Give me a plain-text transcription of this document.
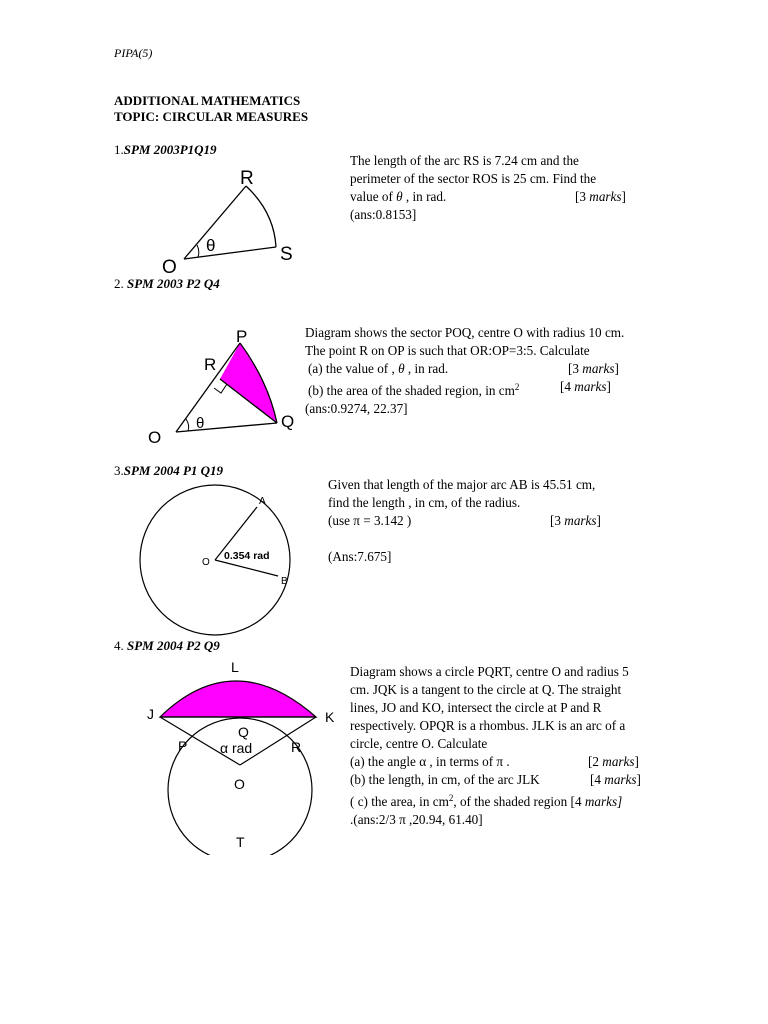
PIPA(5)
ADDITIONAL MATHEMATICS
TOPIC: CIRCULAR MEASURES
1.SPM 2003P1Q19
R
O
S
θ
The length of the arc RS is 7.24 cm and the
perimeter of the sector ROS is 25 cm. Find the
value of θ , in rad.	[3 marks]
(ans:0.8153]
2. SPM 2003 P2 Q4
P
R
O
Q
θ
Diagram shows the sector POQ, centre O with radius 10 cm.
The point R on OP is such that OR:OP=3:5. Calculate
(a) the value of , θ , in rad.	[3 marks]
(b) the area of the shaded region, in $cm^2$	[4 marks]
(ans:0.9274, 22.37]
3.SPM 2004 P1 Q19
A
O
B
0.354 rad
Given that length of the major arc AB is 45.51 cm,
find the length , in cm, of the radius.
(use π = 3.142 )	[3 marks]
(Ans:7.675]
4. SPM 2004 P2 Q9
L
J	K
Q
P	R
α rad
O
T
Diagram shows a circle PQRT, centre O and radius 5
cm. JQK is a tangent to the circle at Q. The straight
lines, JO and KO, intersect the circle at P and R
respectively. OPQR is a rhombus. JLK is an arc of a
circle, centre O. Calculate
(a) the angle α , in terms of π .	[2 marks]
(b) the length, in cm, of the arc JLK	[4 marks]
( c) the area, in $cm^2$, of the shaded region [4 marks]
.(ans:2/3 π ,20.94, 61.40]
